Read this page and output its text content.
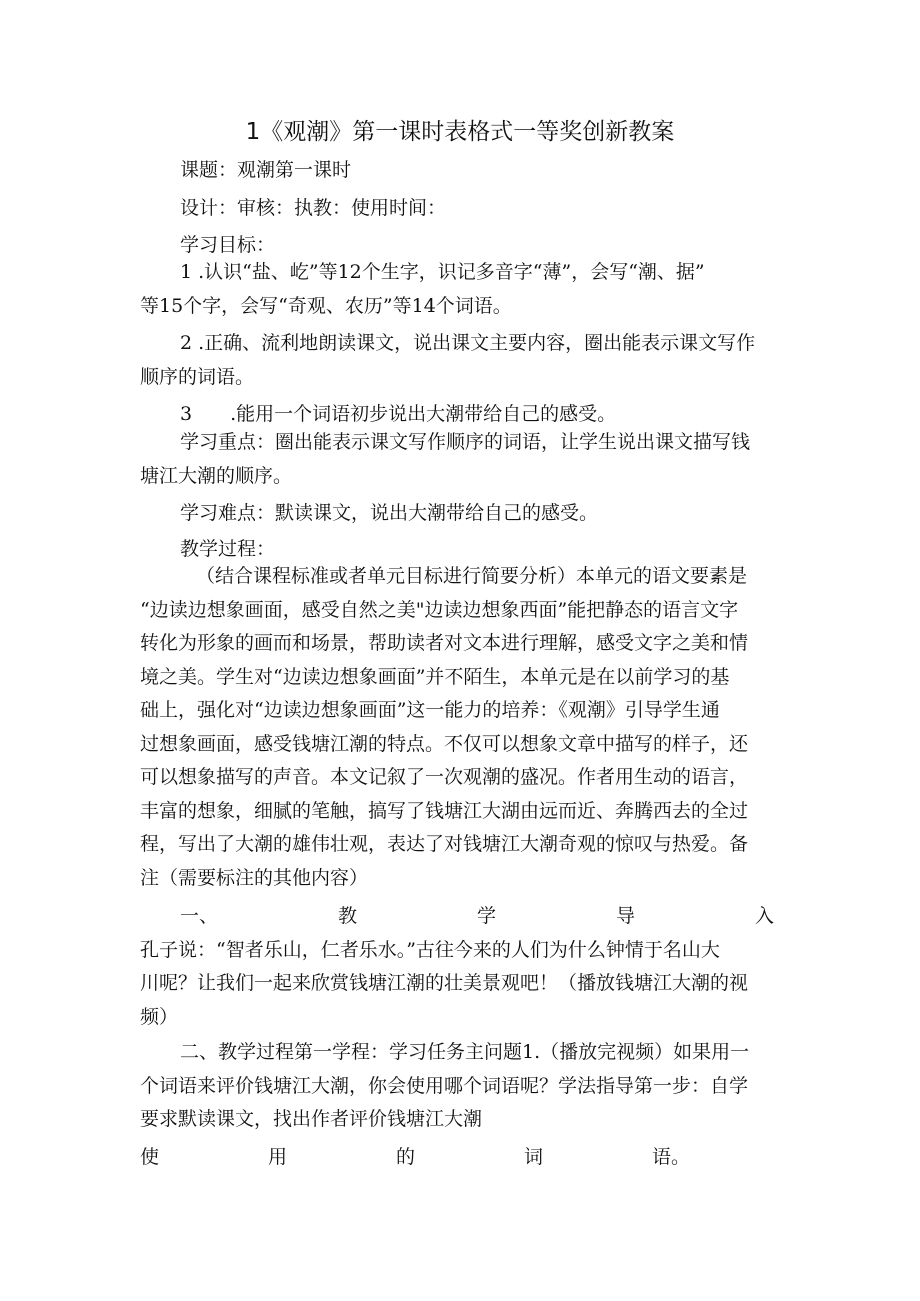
1《观潮》第一课时表格式一等奖创新教案
课题：观潮第一课时
设计：审核：执教：使用时间：
学习目标：
1 .认识“盐、屹”等12个生字，识记多音字“薄”，会写“潮、据”
等15个字，会写“奇观、农历”等14个词语。
2 .正确、流利地朗读课文，说出课文主要内容，圈出能表示课文写作
顺序的词语。
3　　.能用一个词语初步说出大潮带给自己的感受。
学习重点：圈出能表示课文写作顺序的词语，让学生说出课文描写钱
塘江大潮的顺序。
学习难点：默读课文，说出大潮带给自己的感受。
教学过程：
（结合课程标准或者单元目标进行简要分析）本单元的语文要素是
“边读边想象画面，感受自然之美"边读边想象西面”能把静态的语言文字
转化为形象的画而和场景，帮助读者对文本进行理解，感受文字之美和情
境之美。学生对“边读边想象画面”并不陌生，本单元是在以前学习的基
础上，强化对“边读边想象画面”这一能力的培养：《观潮》引导学生通
过想象画面，感受钱塘江潮的特点。不仅可以想象文章中描写的样子，还
可以想象描写的声音。本文记叙了一次观潮的盛况。作者用生动的语言，
丰富的想象，细腻的笔触，搞写了钱塘江大湖由远而近、奔腾西去的全过
程，写出了大潮的雄伟壮观，表达了对钱塘江大潮奇观的惊叹与热爱。备
注（需要标注的其他内容）
一、	教	学	导	入
孔子说：“智者乐山，仁者乐水。”古往今来的人们为什么钟情于名山大
川呢？让我们一起来欣赏钱塘江潮的壮美景观吧！（播放钱塘江大潮的视
频）
二、教学过程第一学程：学习任务主问题1.（播放完视频）如果用一
个词语来评价钱塘江大潮，你会使用哪个词语呢？学法指导第一步：自学
要求默读课文，找出作者评价钱塘江大潮
使	用	的	词	语。
